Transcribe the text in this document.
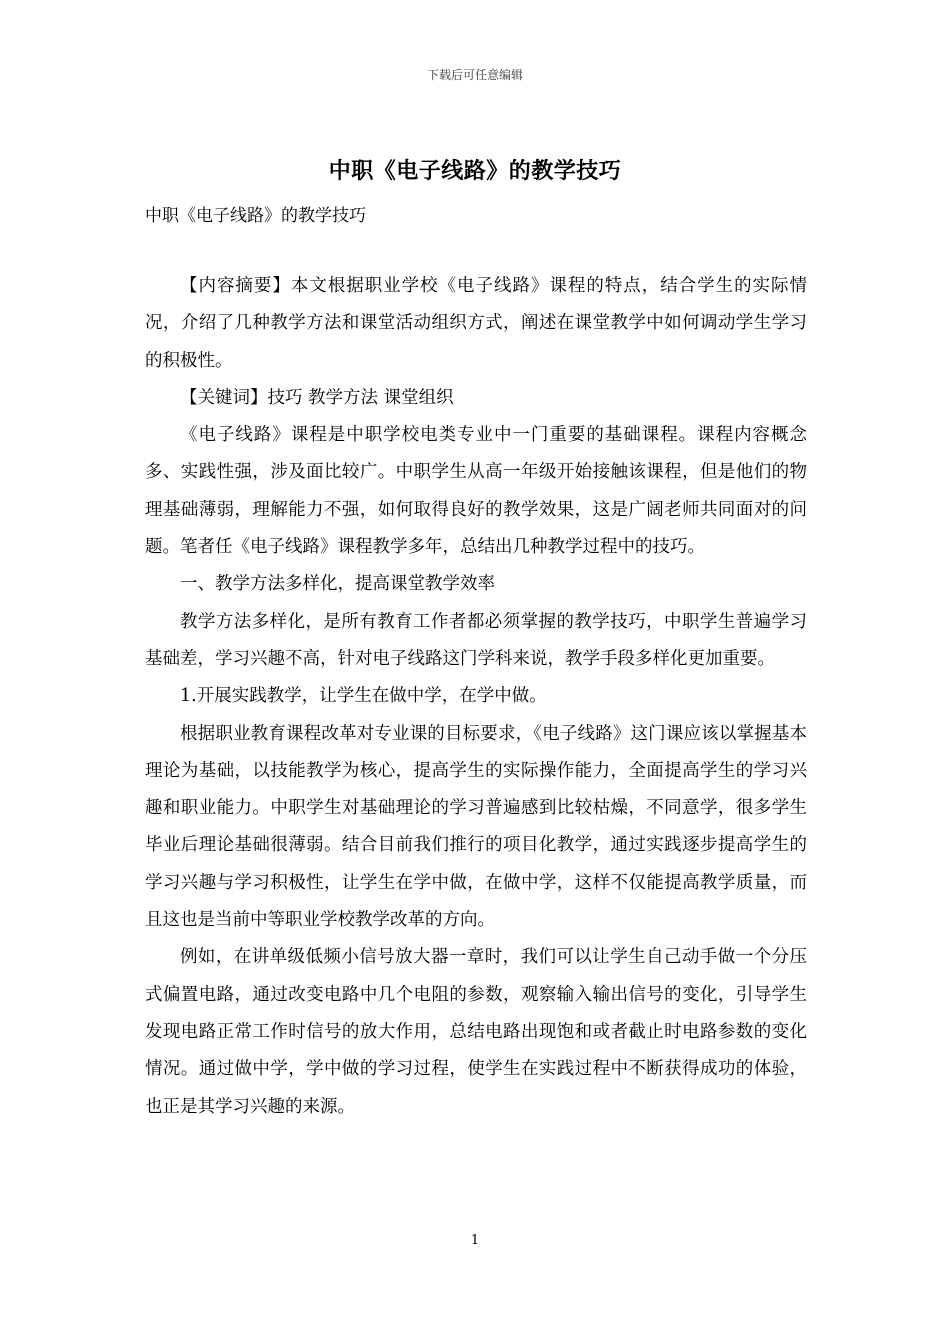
下载后可任意编辑
中职《电子线路》的教学技巧
中职《电子线路》的教学技巧

【内容摘要】本文根据职业学校《电子线路》课程的特点，结合学生的实际情况，介绍了几种教学方法和课堂活动组织方式，阐述在课堂教学中如何调动学生学习的积极性。

【关键词】技巧 教学方法 课堂组织

《电子线路》课程是中职学校电类专业中一门重要的基础课程。课程内容概念多、实践性强，涉及面比较广。中职学生从高一年级开始接触该课程，但是他们的物理基础薄弱，理解能力不强，如何取得良好的教学效果，这是广阔老师共同面对的问题。笔者任《电子线路》课程教学多年，总结出几种教学过程中的技巧。

一、教学方法多样化，提高课堂教学效率

教学方法多样化，是所有教育工作者都必须掌握的教学技巧，中职学生普遍学习基础差，学习兴趣不高，针对电子线路这门学科来说，教学手段多样化更加重要。

1.开展实践教学，让学生在做中学，在学中做。

根据职业教育课程改革对专业课的目标要求，《电子线路》这门课应该以掌握基本理论为基础，以技能教学为核心，提高学生的实际操作能力，全面提高学生的学习兴趣和职业能力。中职学生对基础理论的学习普遍感到比较枯燥，不同意学，很多学生毕业后理论基础很薄弱。结合目前我们推行的项目化教学，通过实践逐步提高学生的学习兴趣与学习积极性，让学生在学中做，在做中学，这样不仅能提高教学质量，而且这也是当前中等职业学校教学改革的方向。

例如，在讲单级低频小信号放大器一章时，我们可以让学生自己动手做一个分压式偏置电路，通过改变电路中几个电阻的参数，观察输入输出信号的变化，引导学生发现电路正常工作时信号的放大作用，总结电路出现饱和或者截止时电路参数的变化情况。通过做中学，学中做的学习过程，使学生在实践过程中不断获得成功的体验，也正是其学习兴趣的来源。

1
